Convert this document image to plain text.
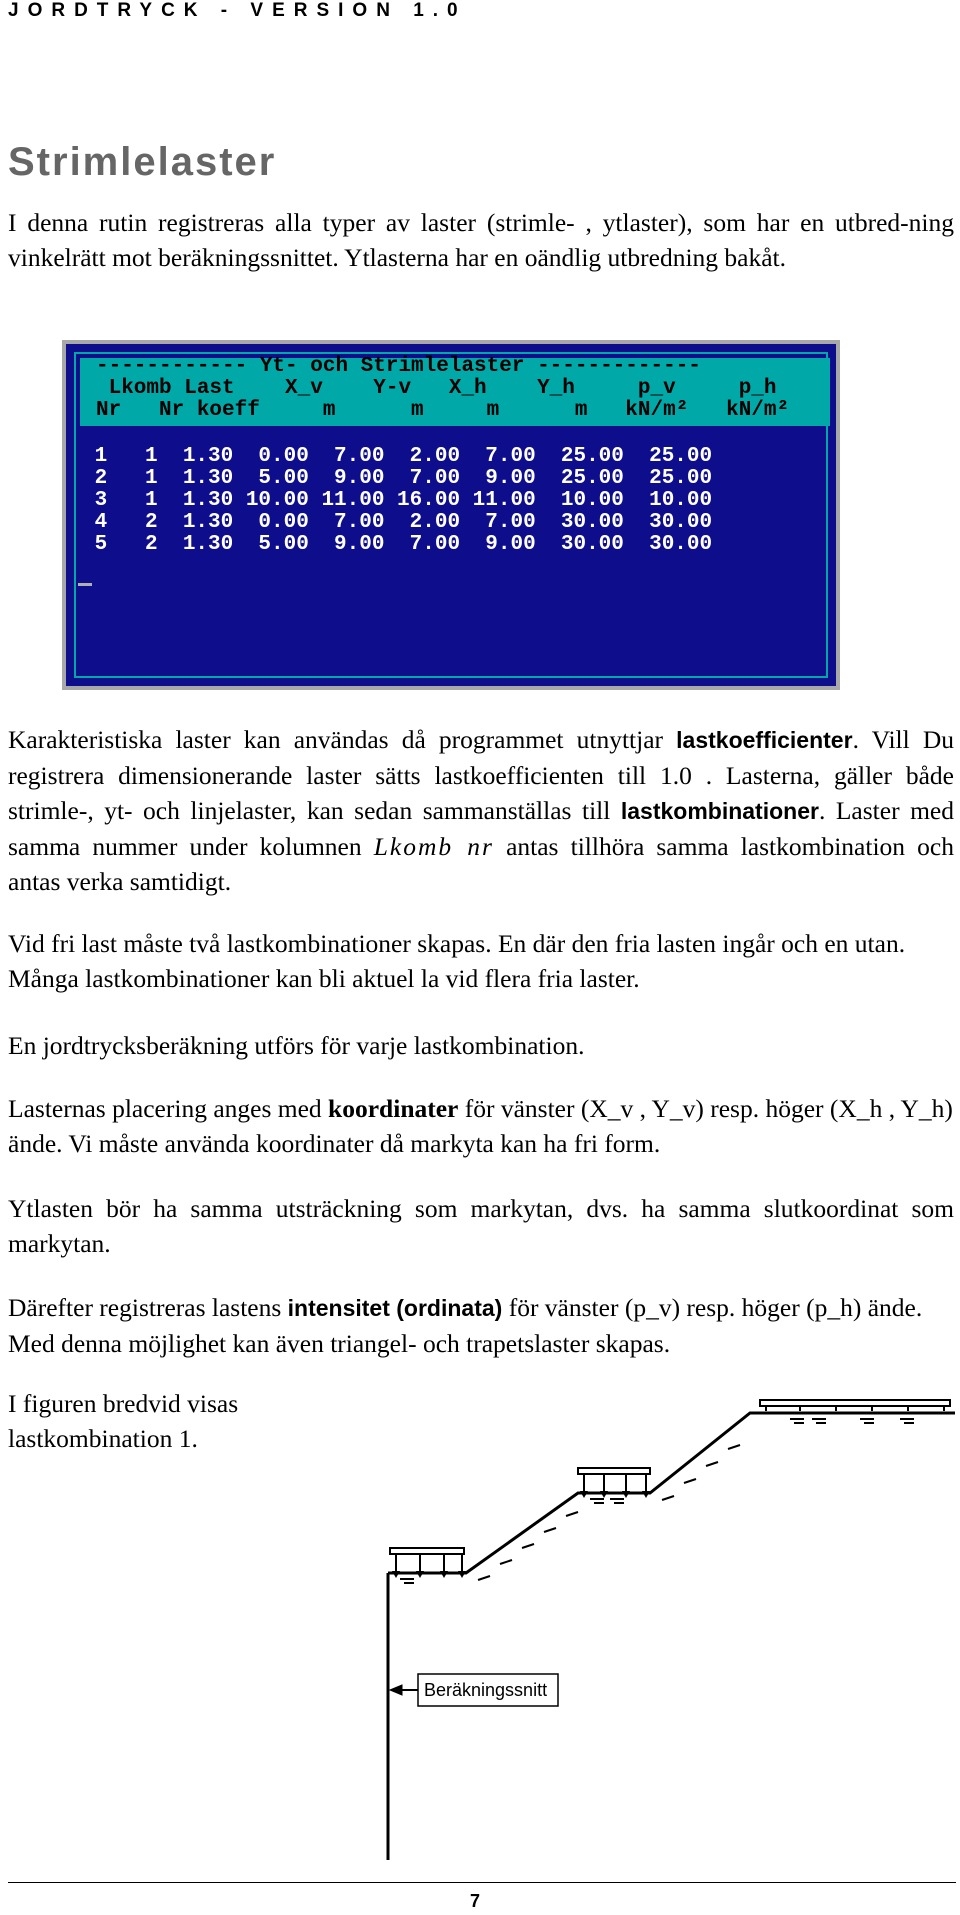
JORDTRYCK - VERSION 1.0
Strimlelaster

I denna rutin registreras alla typer av laster (strimle- , ytlaster), som har en utbred-ning vinkelrätt mot beräkningssnittet. Ytlasterna har en oändlig utbredning bakåt.

------------ Yt- och Strimlelaster -------------
Lkomb Last    X_v    Y-v   X_h    Y_h     p_v     p_h
Nr   Nr koeff     m      m     m      m   kN/m²   kN/m²
1   1  1.30  0.00  7.00  2.00  7.00  25.00  25.00
2   1  1.30  5.00  9.00  7.00  9.00  25.00  25.00
3   1  1.30 10.00 11.00 16.00 11.00  10.00  10.00
4   2  1.30  0.00  7.00  2.00  7.00  30.00  30.00
5   2  1.30  5.00  9.00  7.00  9.00  30.00  30.00

Karakteristiska laster kan användas då programmet utnyttjar lastkoefficienter. Vill Du registrera dimensionerande laster sätts lastkoefficienten till 1.0 . Lasterna, gäller både strimle-, yt- och linjelaster, kan sedan sammanställas till lastkombinationer. Laster med samma nummer under kolumnen Lkomb nr antas tillhöra samma lastkombination och antas verka samtidigt.

Vid fri last måste två lastkombinationer skapas. En där den fria lasten ingår och en utan. Många lastkombinationer kan bli aktuel la vid flera fria laster.

En jordtrycksberäkning utförs för varje lastkombination.

Lasternas placering anges med koordinater för vänster (X_v , Y_v) resp. höger (X_h , Y_h) ände. Vi måste använda koordinater då markyta kan ha fri form.

Ytlasten bör ha samma utsträckning som markytan, dvs. ha samma slutkoordinat som markytan.

Därefter registreras lastens intensitet (ordinata) för vänster (p_v) resp. höger (p_h) ände. Med denna möjlighet kan även triangel- och trapetslaster skapas.

I figuren bredvid visas lastkombination 1.

Beräkningssnitt
7
